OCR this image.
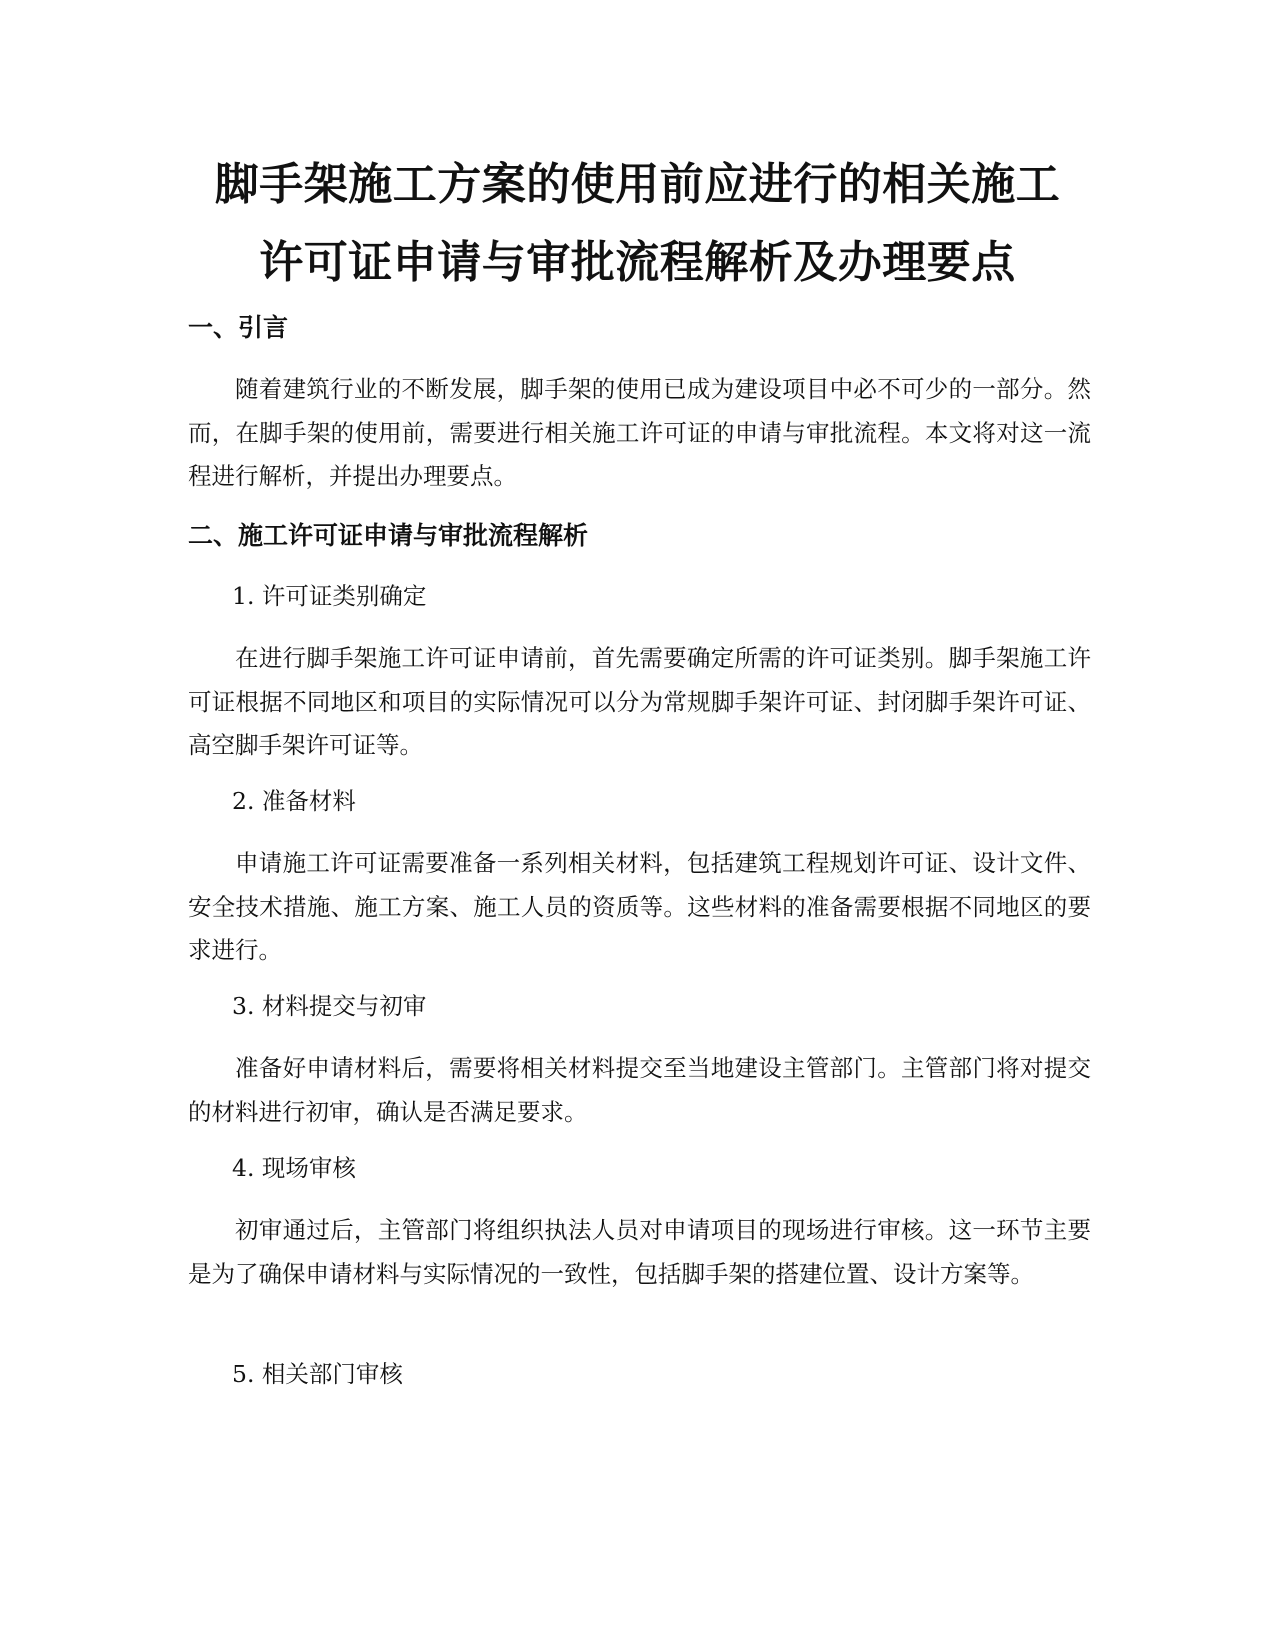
脚手架施工方案的使用前应进行的相关施工
许可证申请与审批流程解析及办理要点
一、引言

随着建筑行业的不断发展，脚手架的使用已成为建设项目中必不可少的一部分。然而，在脚手架的使用前，需要进行相关施工许可证的申请与审批流程。本文将对这一流程进行解析，并提出办理要点。

二、施工许可证申请与审批流程解析
1. 许可证类别确定

在进行脚手架施工许可证申请前，首先需要确定所需的许可证类别。脚手架施工许可证根据不同地区和项目的实际情况可以分为常规脚手架许可证、封闭脚手架许可证、高空脚手架许可证等。

2. 准备材料

申请施工许可证需要准备一系列相关材料，包括建筑工程规划许可证、设计文件、安全技术措施、施工方案、施工人员的资质等。这些材料的准备需要根据不同地区的要求进行。

3. 材料提交与初审

准备好申请材料后，需要将相关材料提交至当地建设主管部门。主管部门将对提交的材料进行初审，确认是否满足要求。

4. 现场审核

初审通过后，主管部门将组织执法人员对申请项目的现场进行审核。这一环节主要是为了确保申请材料与实际情况的一致性，包括脚手架的搭建位置、设计方案等。

5. 相关部门审核
